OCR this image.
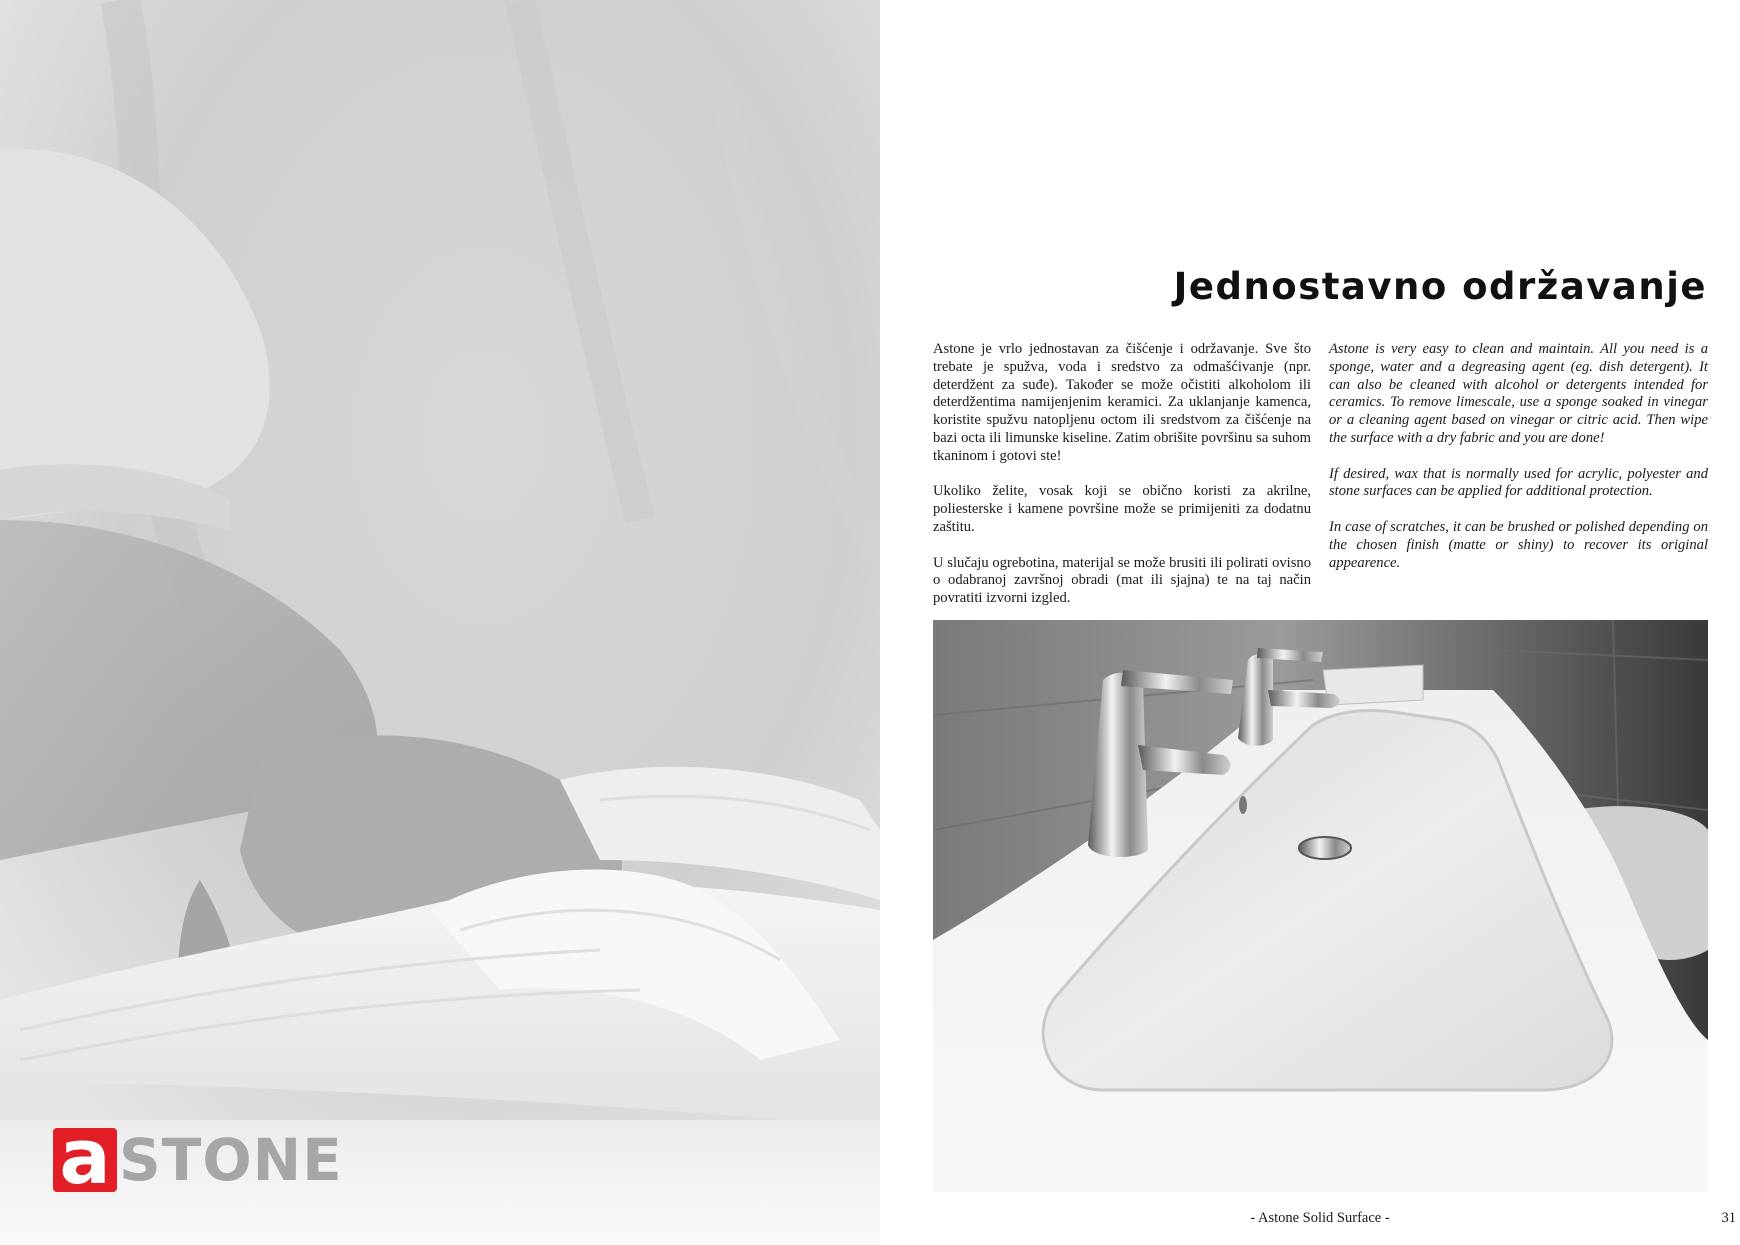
a STONE
Jednostavno održavanje

Astone je vrlo jednostavan za čišćenje i održavanje. Sve što trebate je spužva, voda i sredstvo za odmašćivanje (npr. deterdžent za suđe). Također se može očistiti alkoholom ili deterdžentima namijenjenim keramici. Za uklanjanje kamenca, koristite spužvu natopljenu octom ili sredstvom za čišćenje na bazi octa ili limunske kiseline. Zatim obrišite površinu sa suhom tkaninom i gotovi ste!

Ukoliko želite, vosak koji se obično koristi za akrilne, poliesterske i kamene površine može se primijeniti za dodatnu zaštitu.

U slučaju ogrebotina, materijal se može brusiti ili polirati ovisno o odabranoj završnoj obradi (mat ili sjajna) te na taj način povratiti izvorni izgled.

Astone is very easy to clean and maintain. All you need is a sponge, water and a degreasing agent (eg. dish detergent). It can also be cleaned with alcohol or detergents intended for ceramics. To remove limescale, use a sponge soaked in vinegar or a cleaning agent based on vinegar or citric acid. Then wipe the surface with a dry fabric and you are done!

If desired, wax that is normally used for acrylic, polyester and stone surfaces can be applied for additional protection.

In case of scratches, it can be brushed or polished depending on the chosen finish (matte or shiny) to recover its original appearence.

- Astone Solid Surface -	31
